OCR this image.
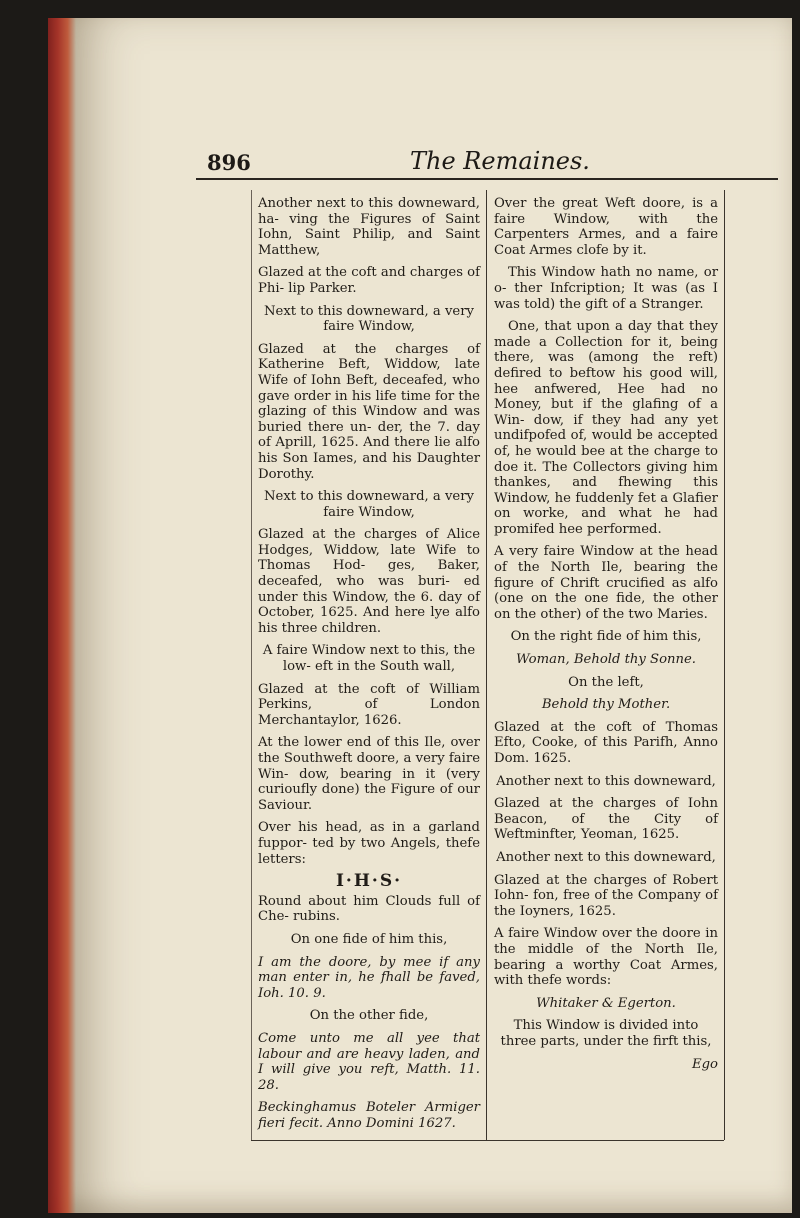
896	The Remaines.

Another next to this downeward, ha- ving the Figures of Saint Iohn, Saint Philip, and Saint Matthew,

Glazed at the coft and charges of Phi- lip Parker.

Next to this downeward, a very faire Window,

Glazed at the charges of Katherine Beft, Widdow, late Wife of Iohn Beft, deceafed, who gave order in his life time for the glazing of this Window and was buried there un- der, the 7. day of Aprill, 1625. And there lie alfo his Son Iames, and his Daughter Dorothy.

Next to this downeward, a very faire Window,

Glazed at the charges of Alice Hodges, Widdow, late Wife to Thomas Hod- ges, Baker, deceafed, who was buri- ed under this Window, the 6. day of October, 1625. And here lye alfo his three children.

A faire Window next to this, the low- eft in the South wall,

Glazed at the coft of William Perkins, of London Merchantaylor, 1626.

At the lower end of this Ile, over the Southweft doore, a very faire Win- dow, bearing in it (very curioufly done) the Figure of our Saviour.

Over his head, as in a garland fuppor- ted by two Angels, thefe letters:

I·H·S·

Round about him Clouds full of Che- rubins.

On one fide of him this,

I am the doore, by mee if any man enter in, he fhall be faved, Ioh. 10. 9.

On the other fide,

Come unto me all yee that labour and are heavy laden, and I will give you reft, Matth. 11. 28.

Beckinghamus Boteler Armiger fieri fecit. Anno Domini 1627.

Over the great Weft doore, is a faire Window, with the Carpenters Armes, and a faire Coat Armes clofe by it.

This Window hath no name, or o- ther Infcription; It was (as I was told) the gift of a Stranger.

One, that upon a day that they made a Collection for it, being there, was (among the reft) defired to beftow his good will, hee anfwered, Hee had no Money, but if the glafing of a Win- dow, if they had any yet undifpofed of, would be accepted of, he would bee at the charge to doe it. The Collectors giving him thankes, and fhewing this Window, he fuddenly fet a Glafier on worke, and what he had promifed hee performed.

A very faire Window at the head of the North Ile, bearing the figure of Chrift crucified as alfo (one on the one fide, the other on the other) of the two Maries.

On the right fide of him this,

Woman, Behold thy Sonne.

On the left,

Behold thy Mother.

Glazed at the coft of Thomas Efto, Cooke, of this Parifh, Anno Dom. 1625.

Another next to this downeward,

Glazed at the charges of Iohn Beacon, of the City of Weftminfter, Yeoman, 1625.

Another next to this downeward,

Glazed at the charges of Robert Iohn- fon, free of the Company of the Ioyners, 1625.

A faire Window over the doore in the middle of the North Ile, bearing a worthy Coat Armes, with thefe words:

Whitaker & Egerton.

This Window is divided into three parts, under the firft this,

Ego
